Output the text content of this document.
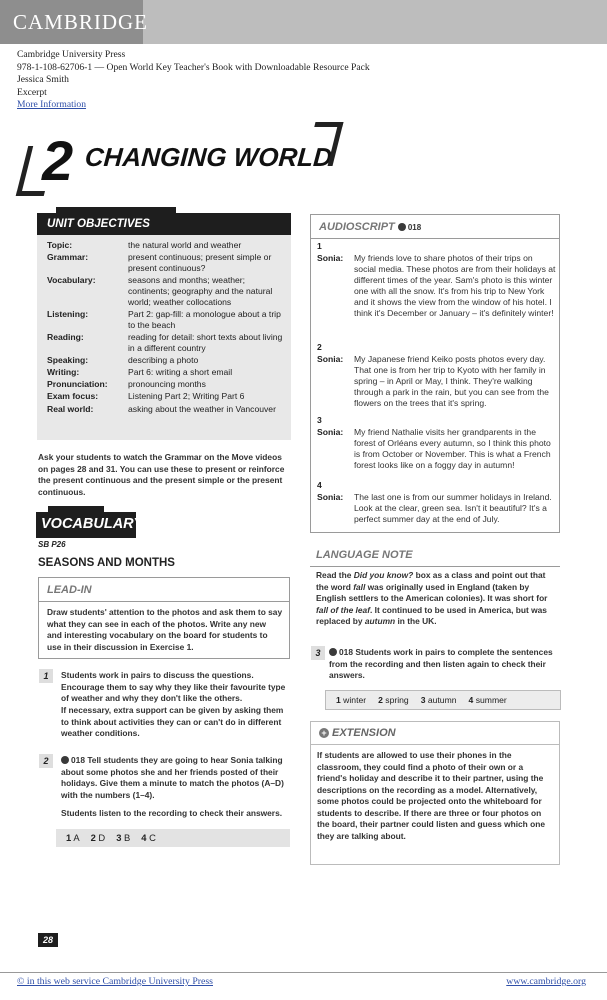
CAMBRIDGE
Cambridge University Press
978-1-108-62706-1 — Open World Key Teacher's Book with Downloadable Resource Pack
Jessica Smith
Excerpt
More Information
2 CHANGING WORLD
UNIT OBJECTIVES
Topic:	the natural world and weather
Grammar:	present continuous; present simple or present continuous?
Vocabulary:	seasons and months; weather; continents; geography and the natural world; weather collocations
Listening:	Part 2: gap-fill: a monologue about a trip to the beach
Reading:	reading for detail: short texts about living in a different country
Speaking:	describing a photo
Writing:	Part 6: writing a short email
Pronunciation:	pronouncing months
Exam focus:	Listening Part 2; Writing Part 6
Real world:	asking about the weather in Vancouver
Ask your students to watch the Grammar on the Move videos on pages 28 and 31. You can use these to present or reinforce the present continuous and the present simple or the present continuous.
VOCABULARY
SB P26
SEASONS AND MONTHS
LEAD-IN
Draw students' attention to the photos and ask them to say what they can see in each of the photos. Write any new and interesting vocabulary on the board for students to use in their discussion in Exercise 1.
1	Students work in pairs to discuss the questions. Encourage them to say why they like their favourite type of weather and why they don't like the others.
If necessary, extra support can be given by asking them to think about activities they can or can't do in different weather conditions.
2	018 Tell students they are going to hear Sonia talking about some photos she and her friends posted of their holidays. Give them a minute to match the photos (A–D) with the numbers (1–4).
Students listen to the recording to check their answers.
1 A 2 D 3 B 4 C
AUDIOSCRIPT 018
1
Sonia: My friends love to share photos of their trips on social media. These photos are from their holidays at different times of the year. Sam's photo is this winter one with all the snow. It's from his trip to New York and it shows the view from the window of his hotel. I think it's December or January – it's definitely winter!
2
Sonia: My Japanese friend Keiko posts photos every day. That one is from her trip to Kyoto with her family in spring – in April or May, I think. They're walking through a park in the rain, but you can see from the flowers on the trees that it's spring.
3
Sonia: My friend Nathalie visits her grandparents in the forest of Orléans every autumn, so I think this photo is from October or November. This is what a French forest looks like on a foggy day in autumn!
4
Sonia: The last one is from our summer holidays in Ireland. Look at the clear, green sea. Isn't it beautiful? It's a perfect summer day at the end of July.
LANGUAGE NOTE
Read the Did you know? box as a class and point out that the word fall was originally used in England (taken by English settlers to the American colonies). It was short for fall of the leaf. It continued to be used in America, but was replaced by autumn in the UK.
3	018 Students work in pairs to complete the sentences from the recording and then listen again to check their answers.
1 winter 2 spring 3 autumn 4 summer
+ EXTENSION
If students are allowed to use their phones in the classroom, they could find a photo of their own or a friend's holiday and describe it to their partner, using the descriptions on the recording as a model. Alternatively, some photos could be projected onto the whiteboard for students to describe. If there are three or four photos on the board, their partner could listen and guess which one they are talking about.
28
© in this web service Cambridge University Press	www.cambridge.org
